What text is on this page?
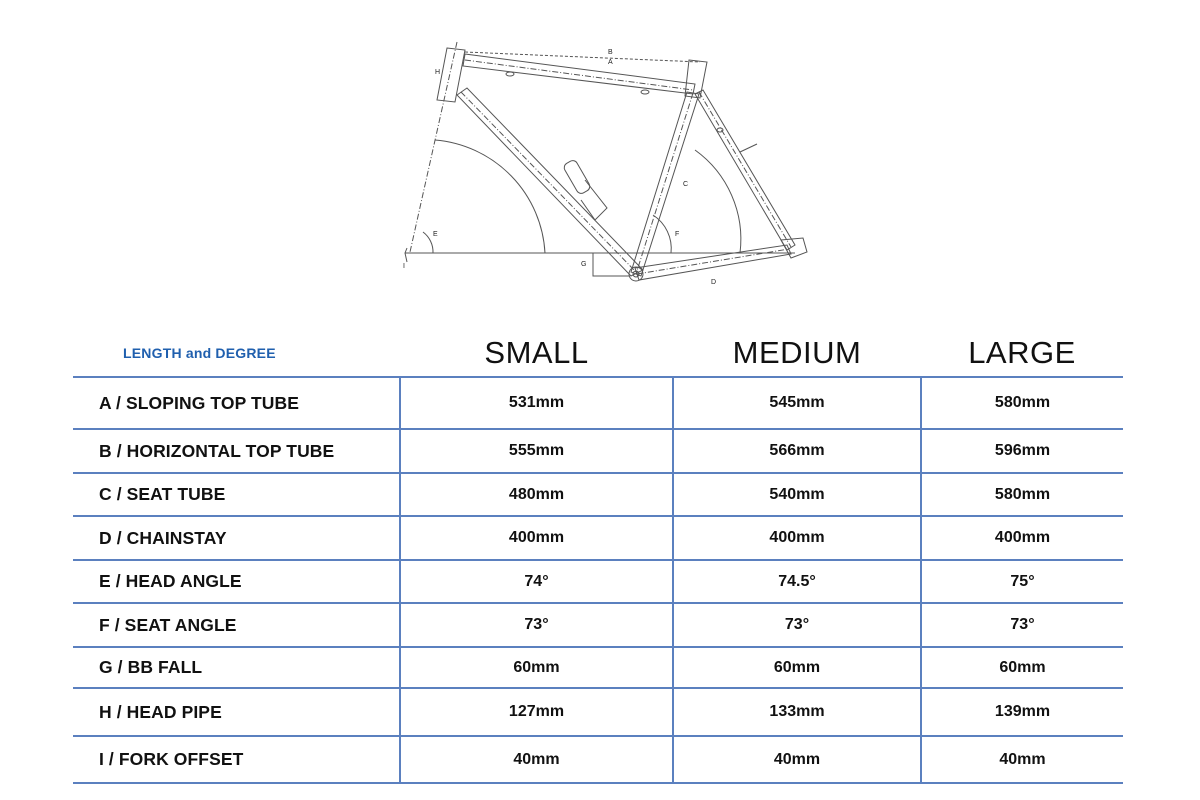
B
A
H
C
D
E	F
G
I
LENGTH and DEGREE	SMALL	MEDIUM	LARGE
A / SLOPING TOP TUBE	531mm	545mm	580mm
B / HORIZONTAL TOP TUBE	555mm	566mm	596mm
C / SEAT TUBE	480mm	540mm	580mm
D / CHAINSTAY	400mm	400mm	400mm
E / HEAD ANGLE	74°	74.5°	75°
F / SEAT ANGLE	73°	73°	73°
G / BB FALL	60mm	60mm	60mm
H / HEAD PIPE	127mm	133mm	139mm
I / FORK OFFSET	40mm	40mm	40mm
